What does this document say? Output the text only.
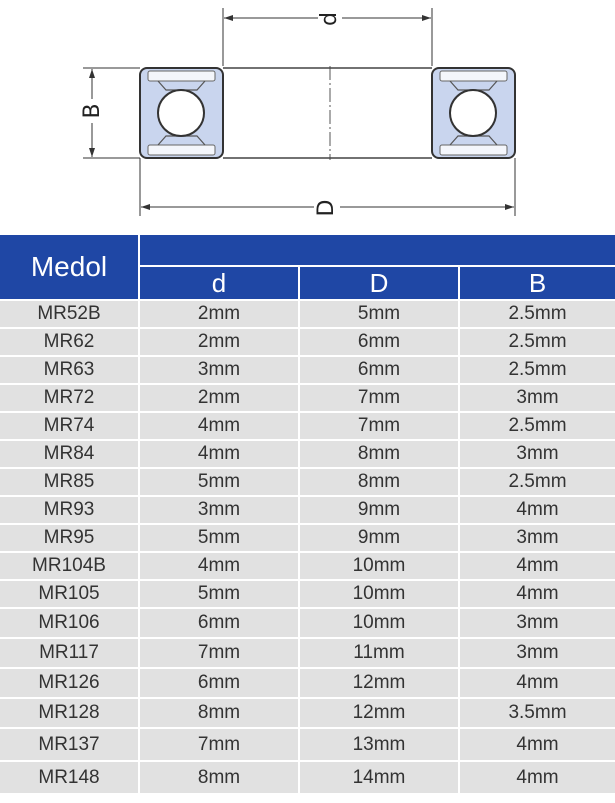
d
B
D
Medol
d	D	B
MR52B	2mm	5mm	2.5mm
MR62	2mm	6mm	2.5mm
MR63	3mm	6mm	2.5mm
MR72	2mm	7mm	3mm
MR74	4mm	7mm	2.5mm
MR84	4mm	8mm	3mm
MR85	5mm	8mm	2.5mm
MR93	3mm	9mm	4mm
MR95	5mm	9mm	3mm
MR104B	4mm	10mm	4mm
MR105	5mm	10mm	4mm
MR106	6mm	10mm	3mm
MR117	7mm	11mm	3mm
MR126	6mm	12mm	4mm
MR128	8mm	12mm	3.5mm
MR137	7mm	13mm	4mm
MR148	8mm	14mm	4mm
